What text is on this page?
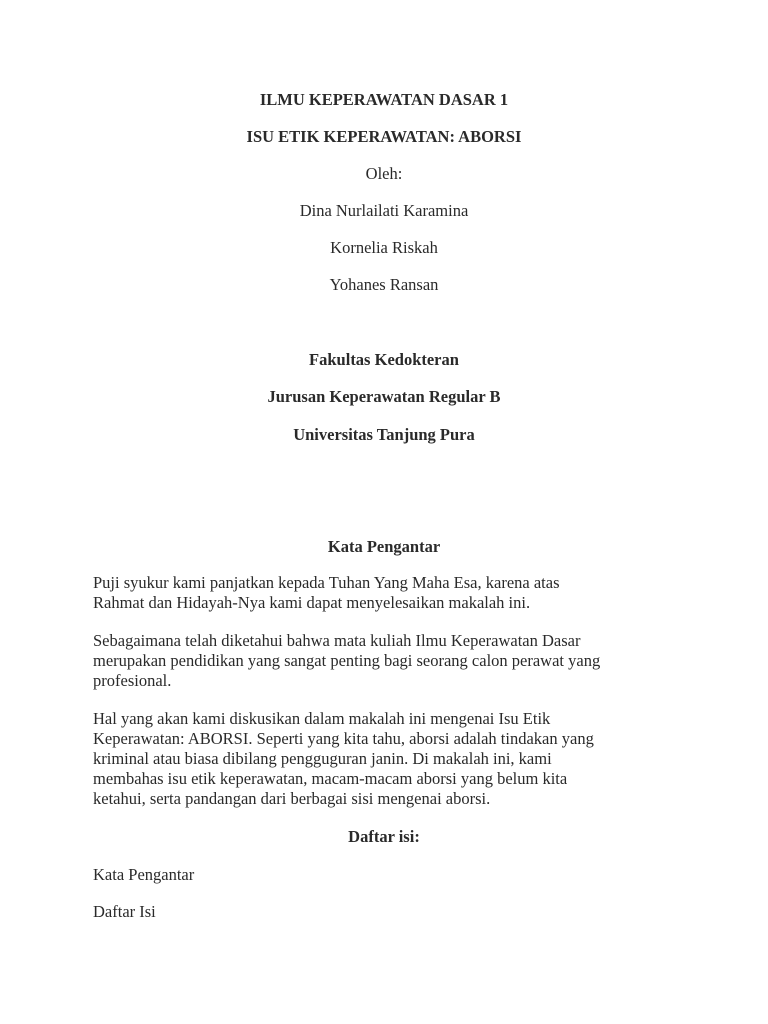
ILMU KEPERAWATAN DASAR 1
ISU ETIK KEPERAWATAN: ABORSI
Oleh:
Dina Nurlailati Karamina
Kornelia Riskah
Yohanes Ransan
Fakultas Kedokteran
Jurusan Keperawatan Regular B
Universitas Tanjung Pura
Kata Pengantar
Puji syukur kami panjatkan kepada Tuhan Yang Maha Esa, karena atas
Rahmat dan Hidayah-Nya kami dapat menyelesaikan makalah ini.
Sebagaimana telah diketahui bahwa mata kuliah Ilmu Keperawatan Dasar
merupakan pendidikan yang sangat penting bagi seorang calon perawat yang
profesional.
Hal yang akan kami diskusikan dalam makalah ini mengenai Isu Etik
Keperawatan: ABORSI. Seperti yang kita tahu, aborsi adalah tindakan yang
kriminal atau biasa dibilang pengguguran janin. Di makalah ini, kami
membahas isu etik keperawatan, macam-macam aborsi yang belum kita
ketahui, serta pandangan dari berbagai sisi mengenai aborsi.
Daftar isi:
Kata Pengantar
Daftar Isi
